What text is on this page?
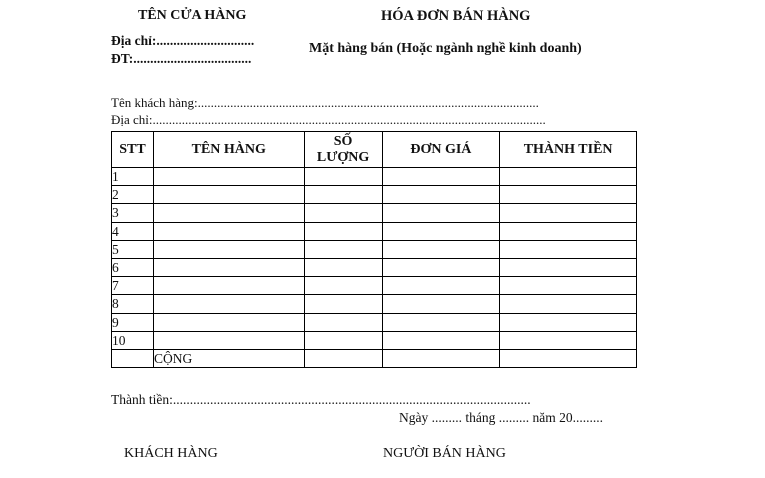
TÊN CỬA HÀNG	HÓA ĐƠN BÁN HÀNG
Địa chỉ:.............................
ĐT:...................................
Mặt hàng bán (Hoặc ngành nghề kinh doanh)
Tên khách hàng:.........................................................................................................
Địa chỉ:.........................................................................................................................
STT	TÊN HÀNG	SỐ LƯỢNG	ĐƠN GIÁ	THÀNH TIỀN
1				
2				
3				
4				
5				
6				
7				
8				
9				
10				
	CỘNG			
Thành tiền:..........................................................................................................
Ngày ......... tháng ......... năm 20.........
KHÁCH HÀNG	NGƯỜI BÁN HÀNG
